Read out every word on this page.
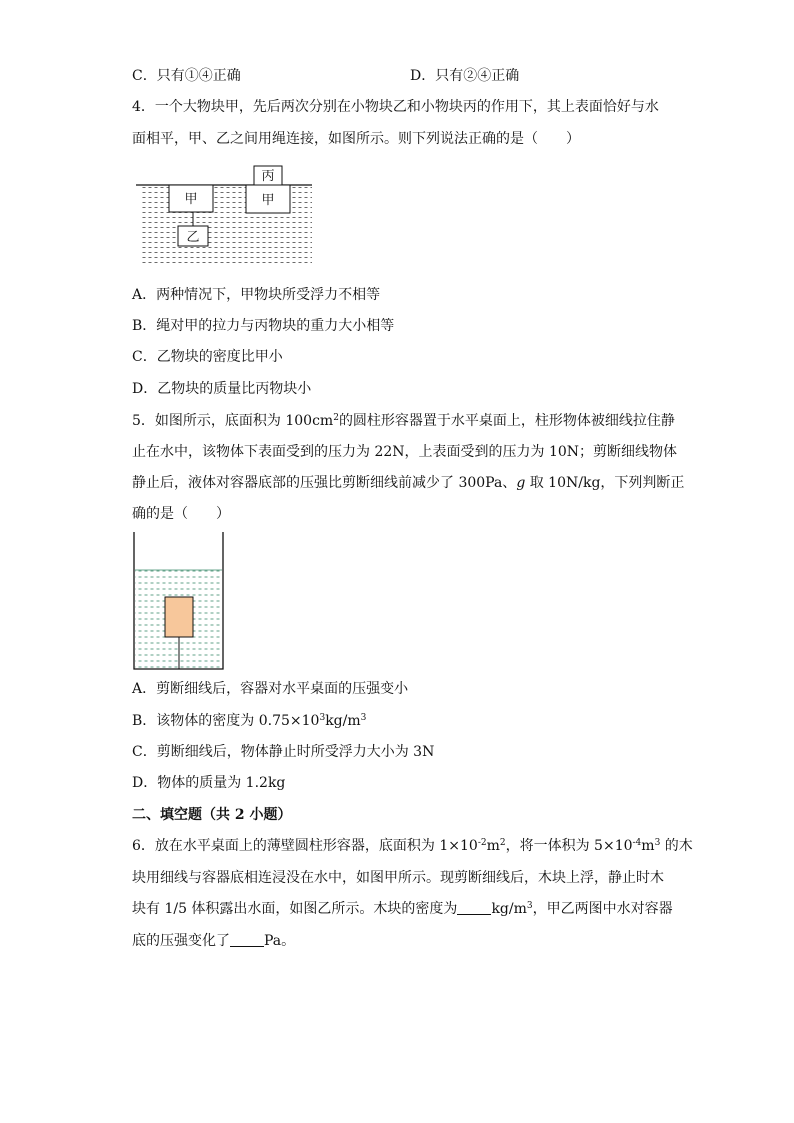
C．只有①④正确	D．只有②④正确
4．一个大物块甲，先后两次分别在小物块乙和小物块丙的作用下，其上表面恰好与水
面相平，甲、乙之间用绳连接，如图所示。则下列说法正确的是（　　）
甲
乙
甲
丙
A．两种情况下，甲物块所受浮力不相等
B．绳对甲的拉力与丙物块的重力大小相等
C．乙物块的密度比甲小
D．乙物块的质量比丙物块小
5．如图所示，底面积为 $100cm^2$的圆柱形容器置于水平桌面上，柱形物体被细线拉住静
止在水中，该物体下表面受到的压力为 22N，上表面受到的压力为 10N；剪断细线物体
静止后，液体对容器底部的压强比剪断细线前减少了 300Pa、g 取 10N/kg，下列判断正
确的是（　　）
A．剪断细线后，容器对水平桌面的压强变小
B．该物体的密度为 $0.75\times 10^3kg/m^3$
C．剪断细线后，物体静止时所受浮力大小为 3N
D．物体的质量为 1.2kg
二、填空题（共 2 小题）
6．放在水平桌面上的薄壁圆柱形容器，底面积为 $1\times 10^{-2}m^2$，将一体积为 $5\times 10^{-4}m^3$ 的木
块用细线与容器底相连浸没在水中，如图甲所示。现剪断细线后，木块上浮，静止时木
块有 1/5 体积露出水面，如图乙所示。木块的密度为 $kg/m^3$，甲乙两图中水对容器
底的压强变化了 Pa。
